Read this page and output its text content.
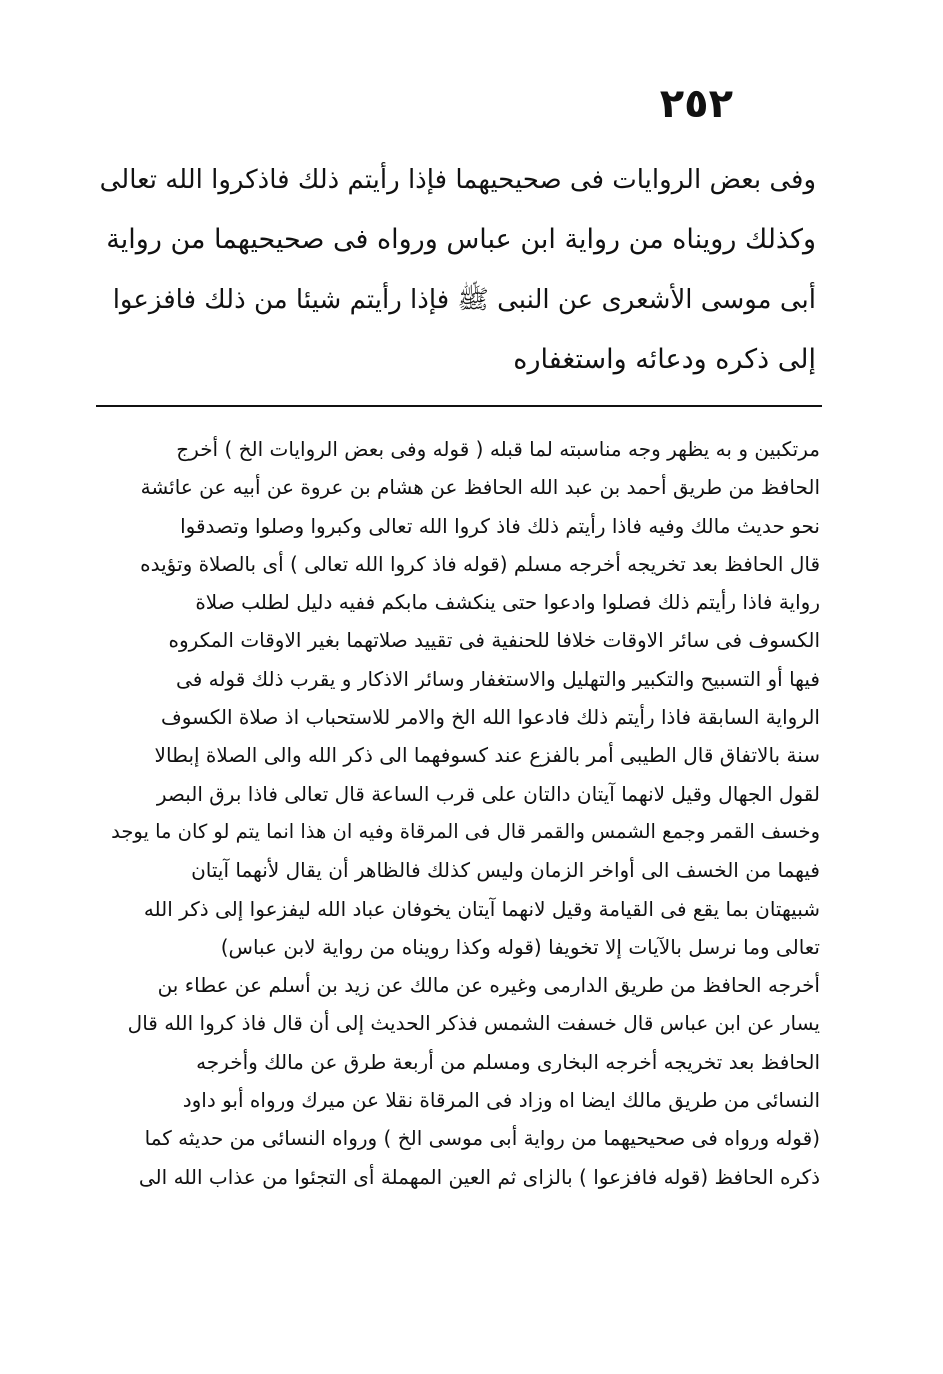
٢٥٢
وفى بعض الروايات فى صحيحيهما فإذا رأيتم ذلك فاذكروا الله تعالى
وكذلك رويناه من رواية ابن عباس ورواه فى صحيحيهما من رواية
أبى موسى الأشعرى عن النبى ﷺ فإذا رأيتم شيئا من ذلك فافزعوا
إلى ذكره ودعائه واستغفاره
مرتكبين و به يظهر وجه مناسبته لما قبله ( قوله وفى بعض الروايات الخ ) أخرج
الحافظ من طريق أحمد بن عبد الله الحافظ عن هشام بن عروة عن أبيه عن عائشة
نحو حديث مالك وفيه فاذا رأيتم ذلك فاذ كروا الله تعالى وكبروا وصلوا وتصدقوا
قال الحافظ بعد تخريجه أخرجه مسلم (قوله فاذ كروا الله تعالى ) أى بالصلاة وتؤيده
رواية فاذا رأيتم ذلك فصلوا وادعوا حتى ينكشف مابكم ففيه دليل لطلب صلاة
الكسوف فى سائر الاوقات خلافا للحنفية فى تقييد صلاتهما بغير الاوقات المكروه
فيها أو التسبيح والتكبير والتهليل والاستغفار وسائر الاذكار و يقرب ذلك قوله فى
الرواية السابقة فاذا رأيتم ذلك فادعوا الله الخ والامر للاستحباب اذ صلاة الكسوف
سنة بالاتفاق قال الطيبى أمر بالفزع عند كسوفهما الى ذكر الله والى الصلاة إبطالا
لقول الجهال وقيل لانهما آيتان دالتان على قرب الساعة قال تعالى فاذا برق البصر
وخسف القمر وجمع الشمس والقمر قال فى المرقاة وفيه ان هذا انما يتم لو كان ما يوجد
فيهما من الخسف الى أواخر الزمان وليس كذلك فالظاهر أن يقال لأنهما آيتان
شبيهتان بما يقع فى القيامة وقيل لانهما آيتان يخوفان عباد الله ليفزعوا إلى ذكر الله
تعالى وما نرسل بالآيات إلا تخويفا (قوله وكذا رويناه من رواية لابن عباس)
أخرجه الحافظ من طريق الدارمى وغيره عن مالك عن زيد بن أسلم عن عطاء بن
يسار عن ابن عباس قال خسفت الشمس فذكر الحديث إلى أن قال فاذ كروا الله قال
الحافظ بعد تخريجه أخرجه البخارى ومسلم من أربعة طرق عن مالك وأخرجه
النسائى من طريق مالك ايضا اه وزاد فى المرقاة نقلا عن ميرك ورواه أبو داود
(قوله ورواه فى صحيحيهما من رواية أبى موسى الخ ) ورواه النسائى من حديثه كما
ذكره الحافظ (قوله فافزعوا ) بالزاى ثم العين المهملة أى التجئوا من عذاب الله الى
